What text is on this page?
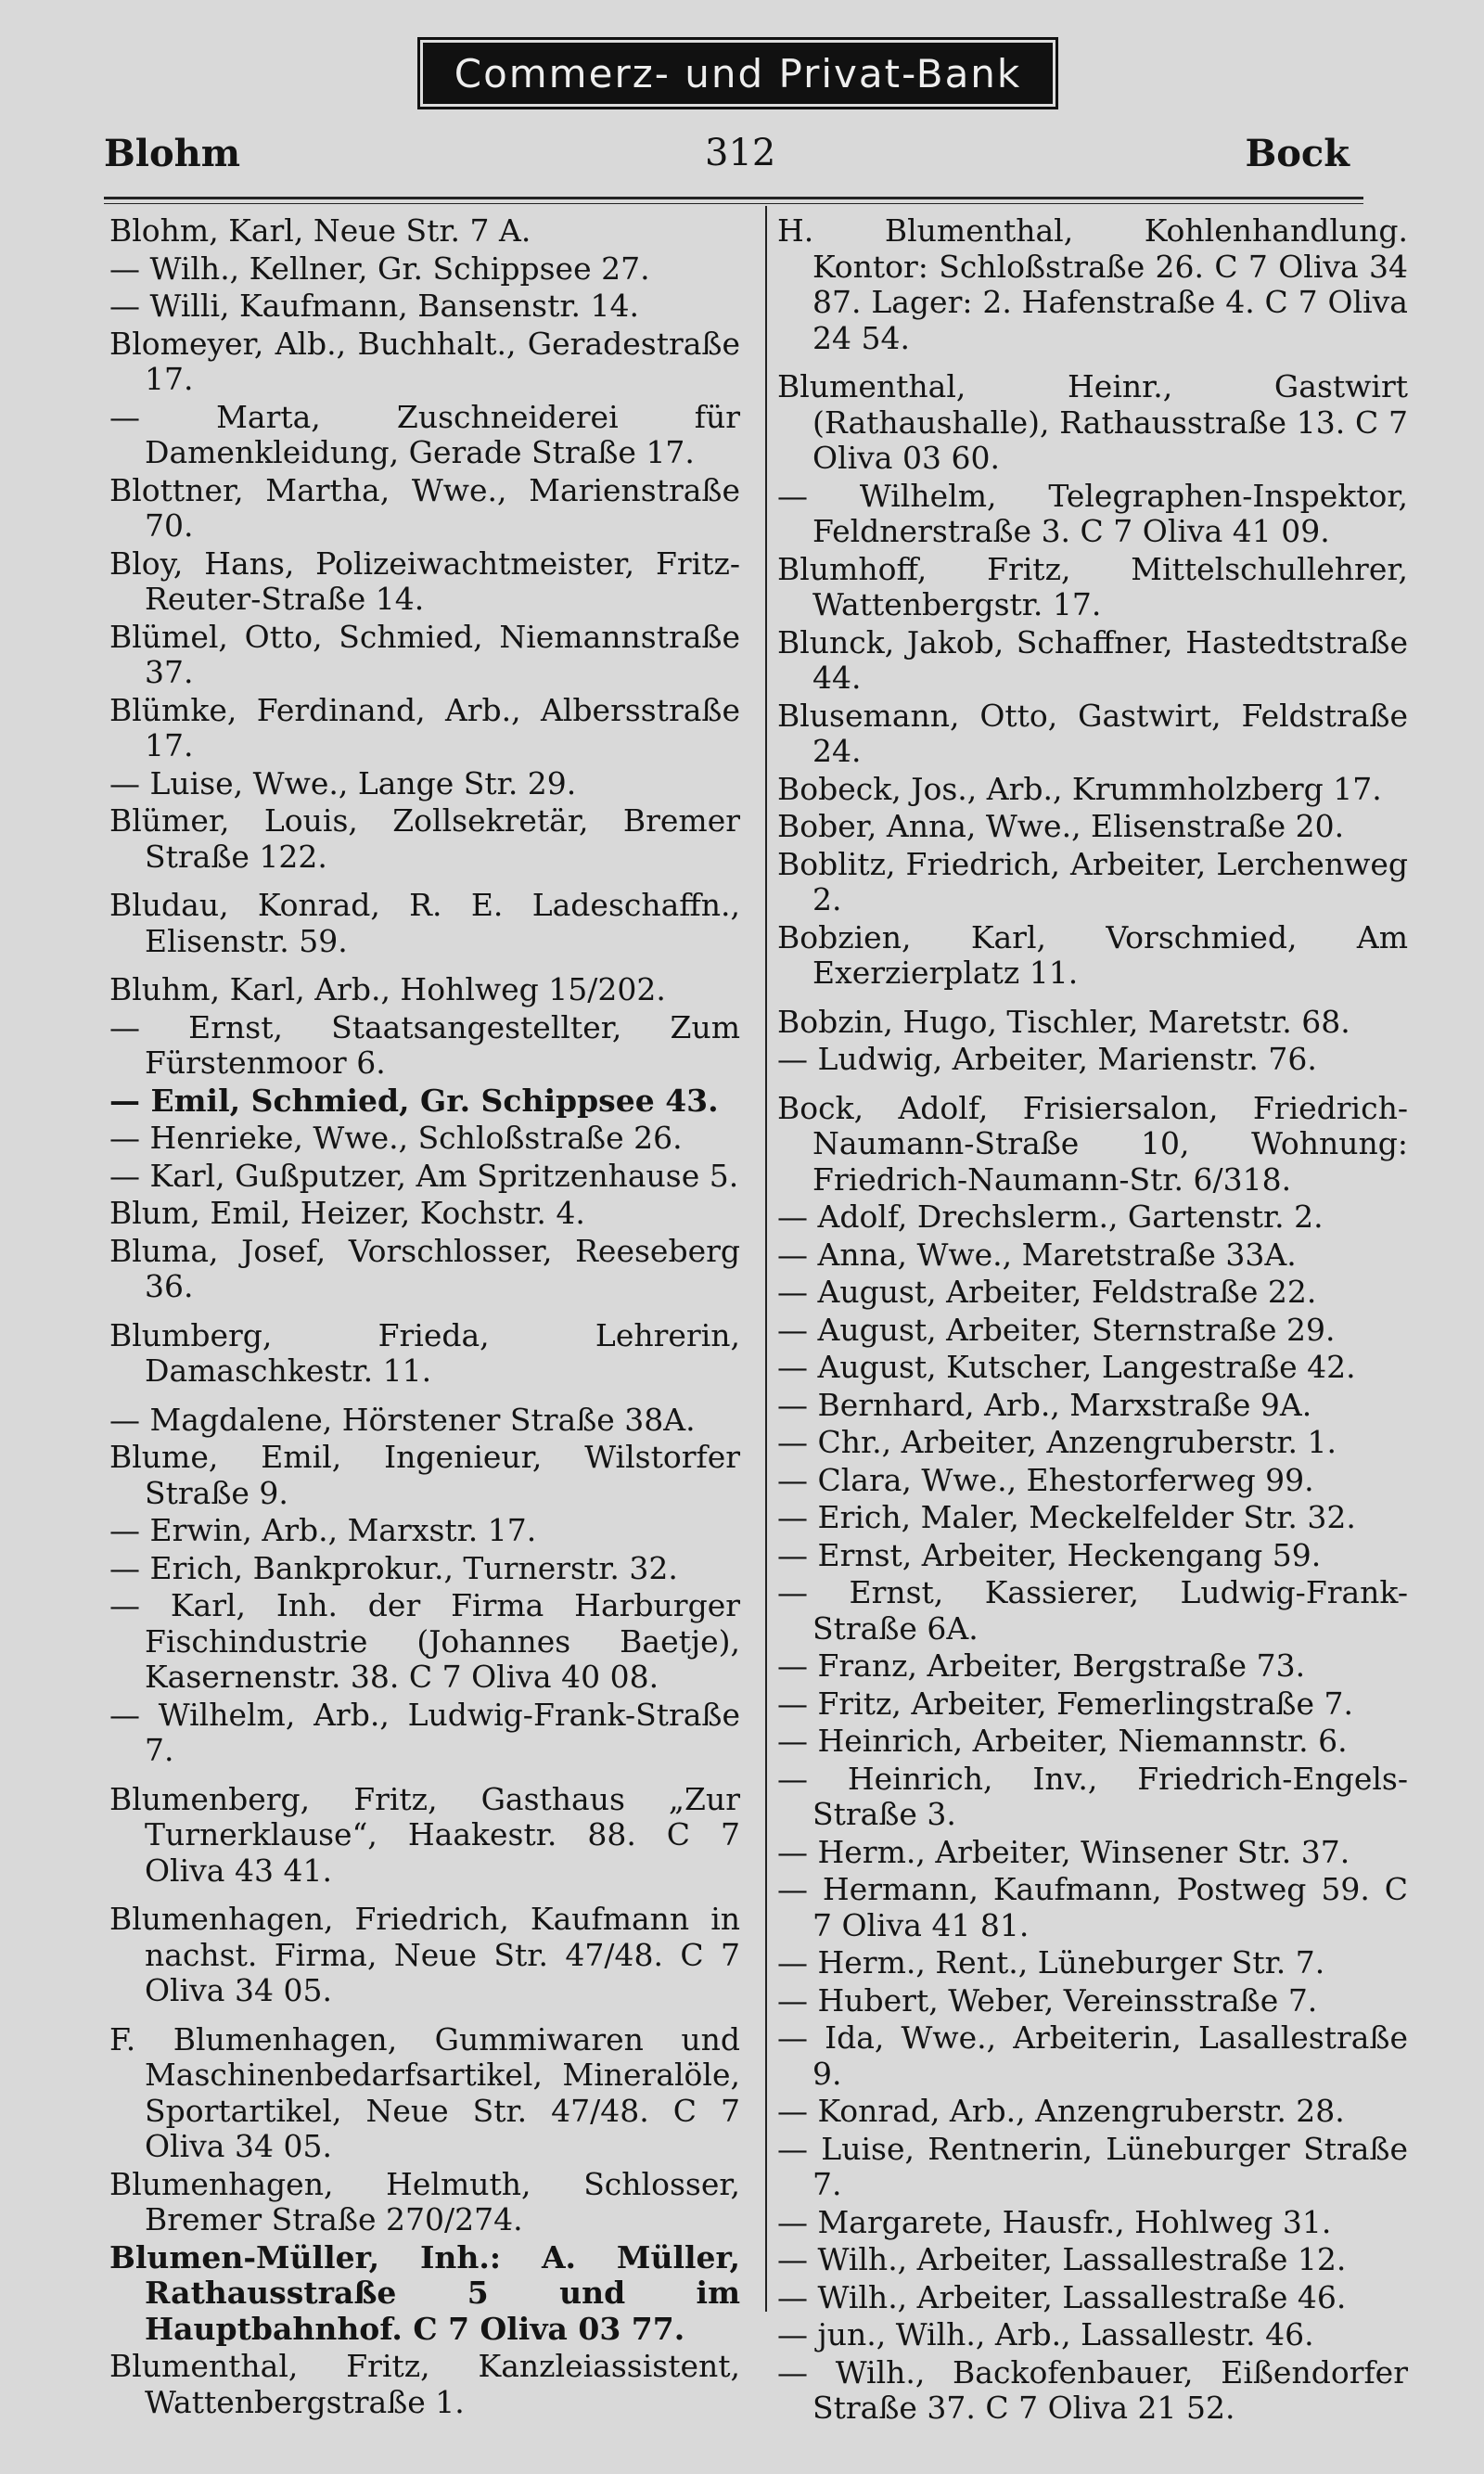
Commerz- und Privat-Bank
Blohm	312	Bock

Blohm, Karl, Neue Str. 7 A.

— Wilh., Kellner, Gr. Schippsee 27.

— Willi, Kaufmann, Bansenstr. 14.

Blomeyer, Alb., Buchhalt., Geradestraße 17.

— Marta, Zuschneiderei für Damenkleidung, Gerade Straße 17.

Blottner, Martha, Wwe., Marienstraße 70.

Bloy, Hans, Polizeiwachtmeister, Fritz-Reuter-Straße 14.

Blümel, Otto, Schmied, Niemannstraße 37.

Blümke, Ferdinand, Arb., Albersstraße 17.

— Luise, Wwe., Lange Str. 29.

Blümer, Louis, Zollsekretär, Bremer Straße 122.

Bludau, Konrad, R. E. Ladeschaffn., Elisenstr. 59.

Bluhm, Karl, Arb., Hohlweg 15/202.

— Ernst, Staatsangestellter, Zum Fürstenmoor 6.

— Emil, Schmied, Gr. Schippsee 43.

— Henrieke, Wwe., Schloßstraße 26.

— Karl, Gußputzer, Am Spritzenhause 5.

Blum, Emil, Heizer, Kochstr. 4.

Bluma, Josef, Vorschlosser, Reeseberg 36.

Blumberg, Frieda, Lehrerin, Damaschkestr. 11.

— Magdalene, Hörstener Straße 38A.

Blume, Emil, Ingenieur, Wilstorfer Straße 9.

— Erwin, Arb., Marxstr. 17.

— Erich, Bankprokur., Turnerstr. 32.

— Karl, Inh. der Firma Harburger Fischindustrie (Johannes Baetje), Kasernenstr. 38. C 7 Oliva 40 08.

— Wilhelm, Arb., Ludwig-Frank-Straße 7.

Blumenberg, Fritz, Gasthaus „Zur Turnerklause“, Haakestr. 88. C 7 Oliva 43 41.

Blumenhagen, Friedrich, Kaufmann in nachst. Firma, Neue Str. 47/48. C 7 Oliva 34 05.

F. Blumenhagen, Gummiwaren und Maschinenbedarfsartikel, Mineralöle, Sportartikel, Neue Str. 47/48. C 7 Oliva 34 05.

Blumenhagen, Helmuth, Schlosser, Bremer Straße 270/274.

Blumen-Müller, Inh.: A. Müller, Rathausstraße 5 und im Hauptbahnhof. C 7 Oliva 03 77.

Blumenthal, Fritz, Kanzleiassistent, Wattenbergstraße 1.

H. Blumenthal, Kohlenhandlung. Kontor: Schloßstraße 26. C 7 Oliva 34 87. Lager: 2. Hafenstraße 4. C 7 Oliva 24 54.

Blumenthal, Heinr., Gastwirt (Rathaushalle), Rathausstraße 13. C 7 Oliva 03 60.

— Wilhelm, Telegraphen-Inspektor, Feldnerstraße 3. C 7 Oliva 41 09.

Blumhoff, Fritz, Mittelschullehrer, Wattenbergstr. 17.

Blunck, Jakob, Schaffner, Hastedtstraße 44.

Blusemann, Otto, Gastwirt, Feldstraße 24.

Bobeck, Jos., Arb., Krummholzberg 17.

Bober, Anna, Wwe., Elisenstraße 20.

Boblitz, Friedrich, Arbeiter, Lerchenweg 2.

Bobzien, Karl, Vorschmied, Am Exerzierplatz 11.

Bobzin, Hugo, Tischler, Maretstr. 68.

— Ludwig, Arbeiter, Marienstr. 76.

Bock, Adolf, Frisiersalon, Friedrich-Naumann-Straße 10, Wohnung: Friedrich-Naumann-Str. 6/318.

— Adolf, Drechslerm., Gartenstr. 2.

— Anna, Wwe., Maretstraße 33A.

— August, Arbeiter, Feldstraße 22.

— August, Arbeiter, Sternstraße 29.

— August, Kutscher, Langestraße 42.

— Bernhard, Arb., Marxstraße 9A.

— Chr., Arbeiter, Anzengruberstr. 1.

— Clara, Wwe., Ehestorferweg 99.

— Erich, Maler, Meckelfelder Str. 32.

— Ernst, Arbeiter, Heckengang 59.

— Ernst, Kassierer, Ludwig-Frank-Straße 6A.

— Franz, Arbeiter, Bergstraße 73.

— Fritz, Arbeiter, Femerlingstraße 7.

— Heinrich, Arbeiter, Niemannstr. 6.

— Heinrich, Inv., Friedrich-Engels-Straße 3.

— Herm., Arbeiter, Winsener Str. 37.

— Hermann, Kaufmann, Postweg 59. C 7 Oliva 41 81.

— Herm., Rent., Lüneburger Str. 7.

— Hubert, Weber, Vereinsstraße 7.

— Ida, Wwe., Arbeiterin, Lasallestraße 9.

— Konrad, Arb., Anzengruberstr. 28.

— Luise, Rentnerin, Lüneburger Straße 7.

— Margarete, Hausfr., Hohlweg 31.

— Wilh., Arbeiter, Lassallestraße 12.

— Wilh., Arbeiter, Lassallestraße 46.

— jun., Wilh., Arb., Lassallestr. 46.

— Wilh., Backofenbauer, Eißendorfer Straße 37. C 7 Oliva 21 52.
